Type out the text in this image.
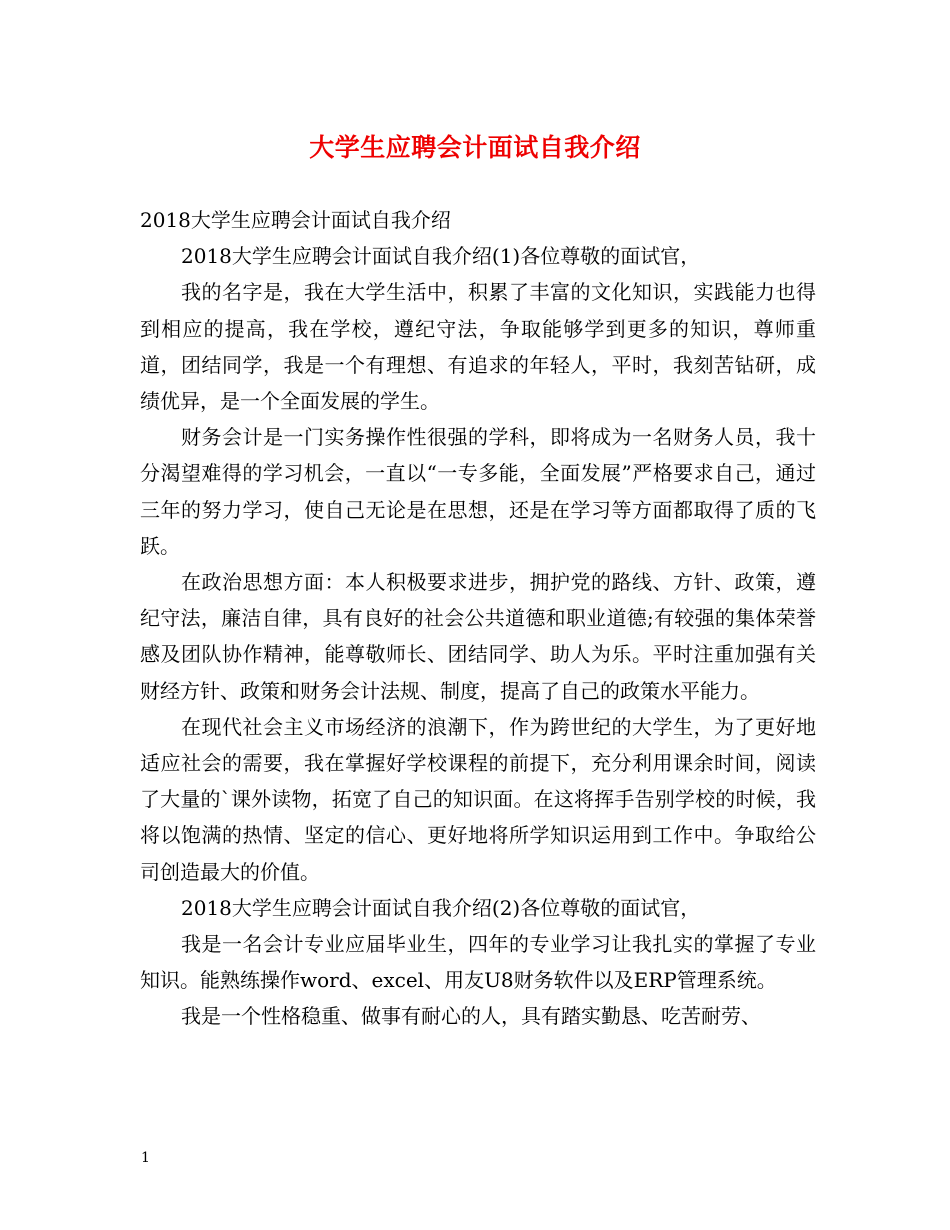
大学生应聘会计面试自我介绍

2018大学生应聘会计面试自我介绍

2018大学生应聘会计面试自我介绍(1)各位尊敬的面试官，

我的名字是，我在大学生活中，积累了丰富的文化知识，实践能力也得到相应的提高，我在学校，遵纪守法，争取能够学到更多的知识，尊师重道，团结同学，我是一个有理想、有追求的年轻人，平时，我刻苦钻研，成绩优异，是一个全面发展的学生。

财务会计是一门实务操作性很强的学科，即将成为一名财务人员，我十分渴望难得的学习机会，一直以“一专多能，全面发展”严格要求自己，通过三年的努力学习，使自己无论是在思想，还是在学习等方面都取得了质的飞跃。

在政治思想方面：本人积极要求进步，拥护党的路线、方针、政策，遵纪守法，廉洁自律，具有良好的社会公共道德和职业道德;有较强的集体荣誉感及团队协作精神，能尊敬师长、团结同学、助人为乐。平时注重加强有关财经方针、政策和财务会计法规、制度，提高了自己的政策水平能力。

在现代社会主义市场经济的浪潮下，作为跨世纪的大学生，为了更好地适应社会的需要，我在掌握好学校课程的前提下，充分利用课余时间，阅读了大量的`课外读物，拓宽了自己的知识面。在这将挥手告别学校的时候，我将以饱满的热情、坚定的信心、更好地将所学知识运用到工作中。争取给公司创造最大的价值。

2018大学生应聘会计面试自我介绍(2)各位尊敬的面试官，

我是一名会计专业应届毕业生，四年的专业学习让我扎实的掌握了专业知识。能熟练操作word、excel、用友U8财务软件以及ERP管理系统。

我是一个性格稳重、做事有耐心的人，具有踏实勤恳、吃苦耐劳、

1
